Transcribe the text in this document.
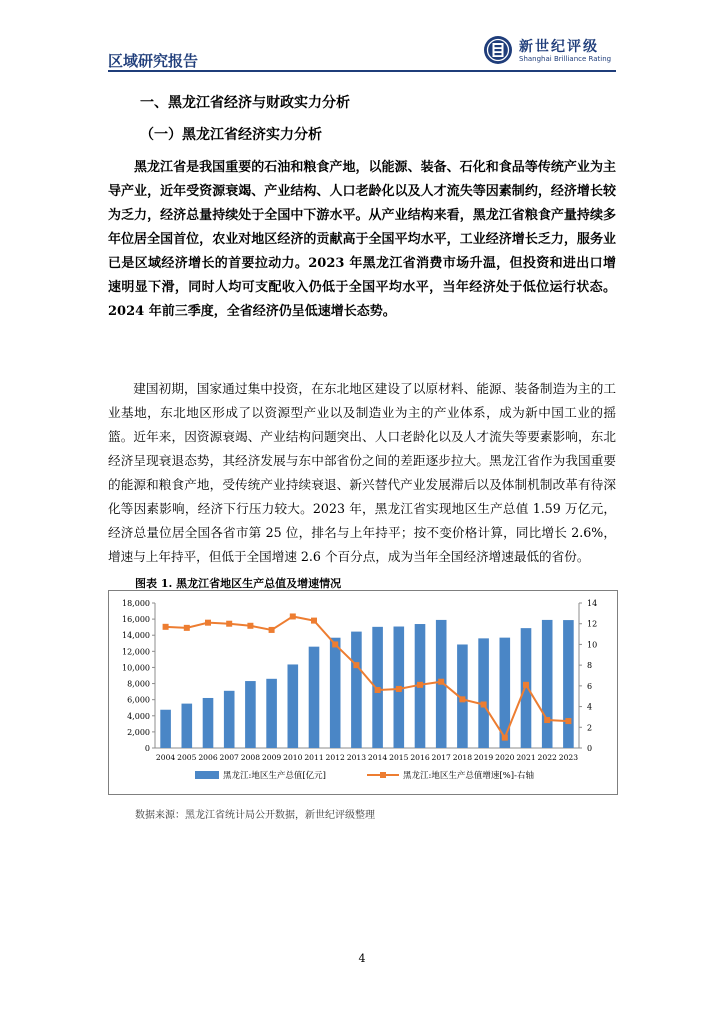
区域研究报告
新世纪评级
Shanghai Brilliance Rating
一、黑龙江省经济与财政实力分析
（一）黑龙江省经济实力分析

黑龙江省是我国重要的石油和粮食产地，以能源、装备、石化和食品等传统产业为主导产业，近年受资源衰竭、产业结构、人口老龄化以及人才流失等因素制约，经济增长较为乏力，经济总量持续处于全国中下游水平。从产业结构来看，黑龙江省粮食产量持续多年位居全国首位，农业对地区经济的贡献高于全国平均水平，工业经济增长乏力，服务业已是区域经济增长的首要拉动力。2023 年黑龙江省消费市场升温，但投资和进出口增速明显下滑，同时人均可支配收入仍低于全国平均水平，当年经济处于低位运行状态。2024 年前三季度，全省经济仍呈低速增长态势。

建国初期，国家通过集中投资，在东北地区建设了以原材料、能源、装备制造为主的工业基地，东北地区形成了以资源型产业以及制造业为主的产业体系，成为新中国工业的摇篮。近年来，因资源衰竭、产业结构问题突出、人口老龄化以及人才流失等要素影响，东北经济呈现衰退态势，其经济发展与东中部省份之间的差距逐步拉大。黑龙江省作为我国重要的能源和粮食产地，受传统产业持续衰退、新兴替代产业发展滞后以及体制机制改革有待深化等因素影响，经济下行压力较大。2023 年，黑龙江省实现地区生产总值 1.59 万亿元，经济总量位居全国各省市第 25 位，排名与上年持平；按不变价格计算，同比增长 2.6%，增速与上年持平，但低于全国增速 2.6 个百分点，成为当年全国经济增速最低的省份。

图表 1. 黑龙江省地区生产总值及增速情况
0
2,000
4,000
6,000
8,000
10,000
12,000
14,000
16,000
18,000
0
2
4
6
8
10
12
14
2004 2005 2006 2007 2008 2009 2010 2011 2012 2013 2014 2015 2016 2017 2018 2019 2020 2021 2022 2023
黑龙江:地区生产总值[亿元]	黑龙江:地区生产总值增速[%]-右轴
数据来源：黑龙江省统计局公开数据，新世纪评级整理
4
